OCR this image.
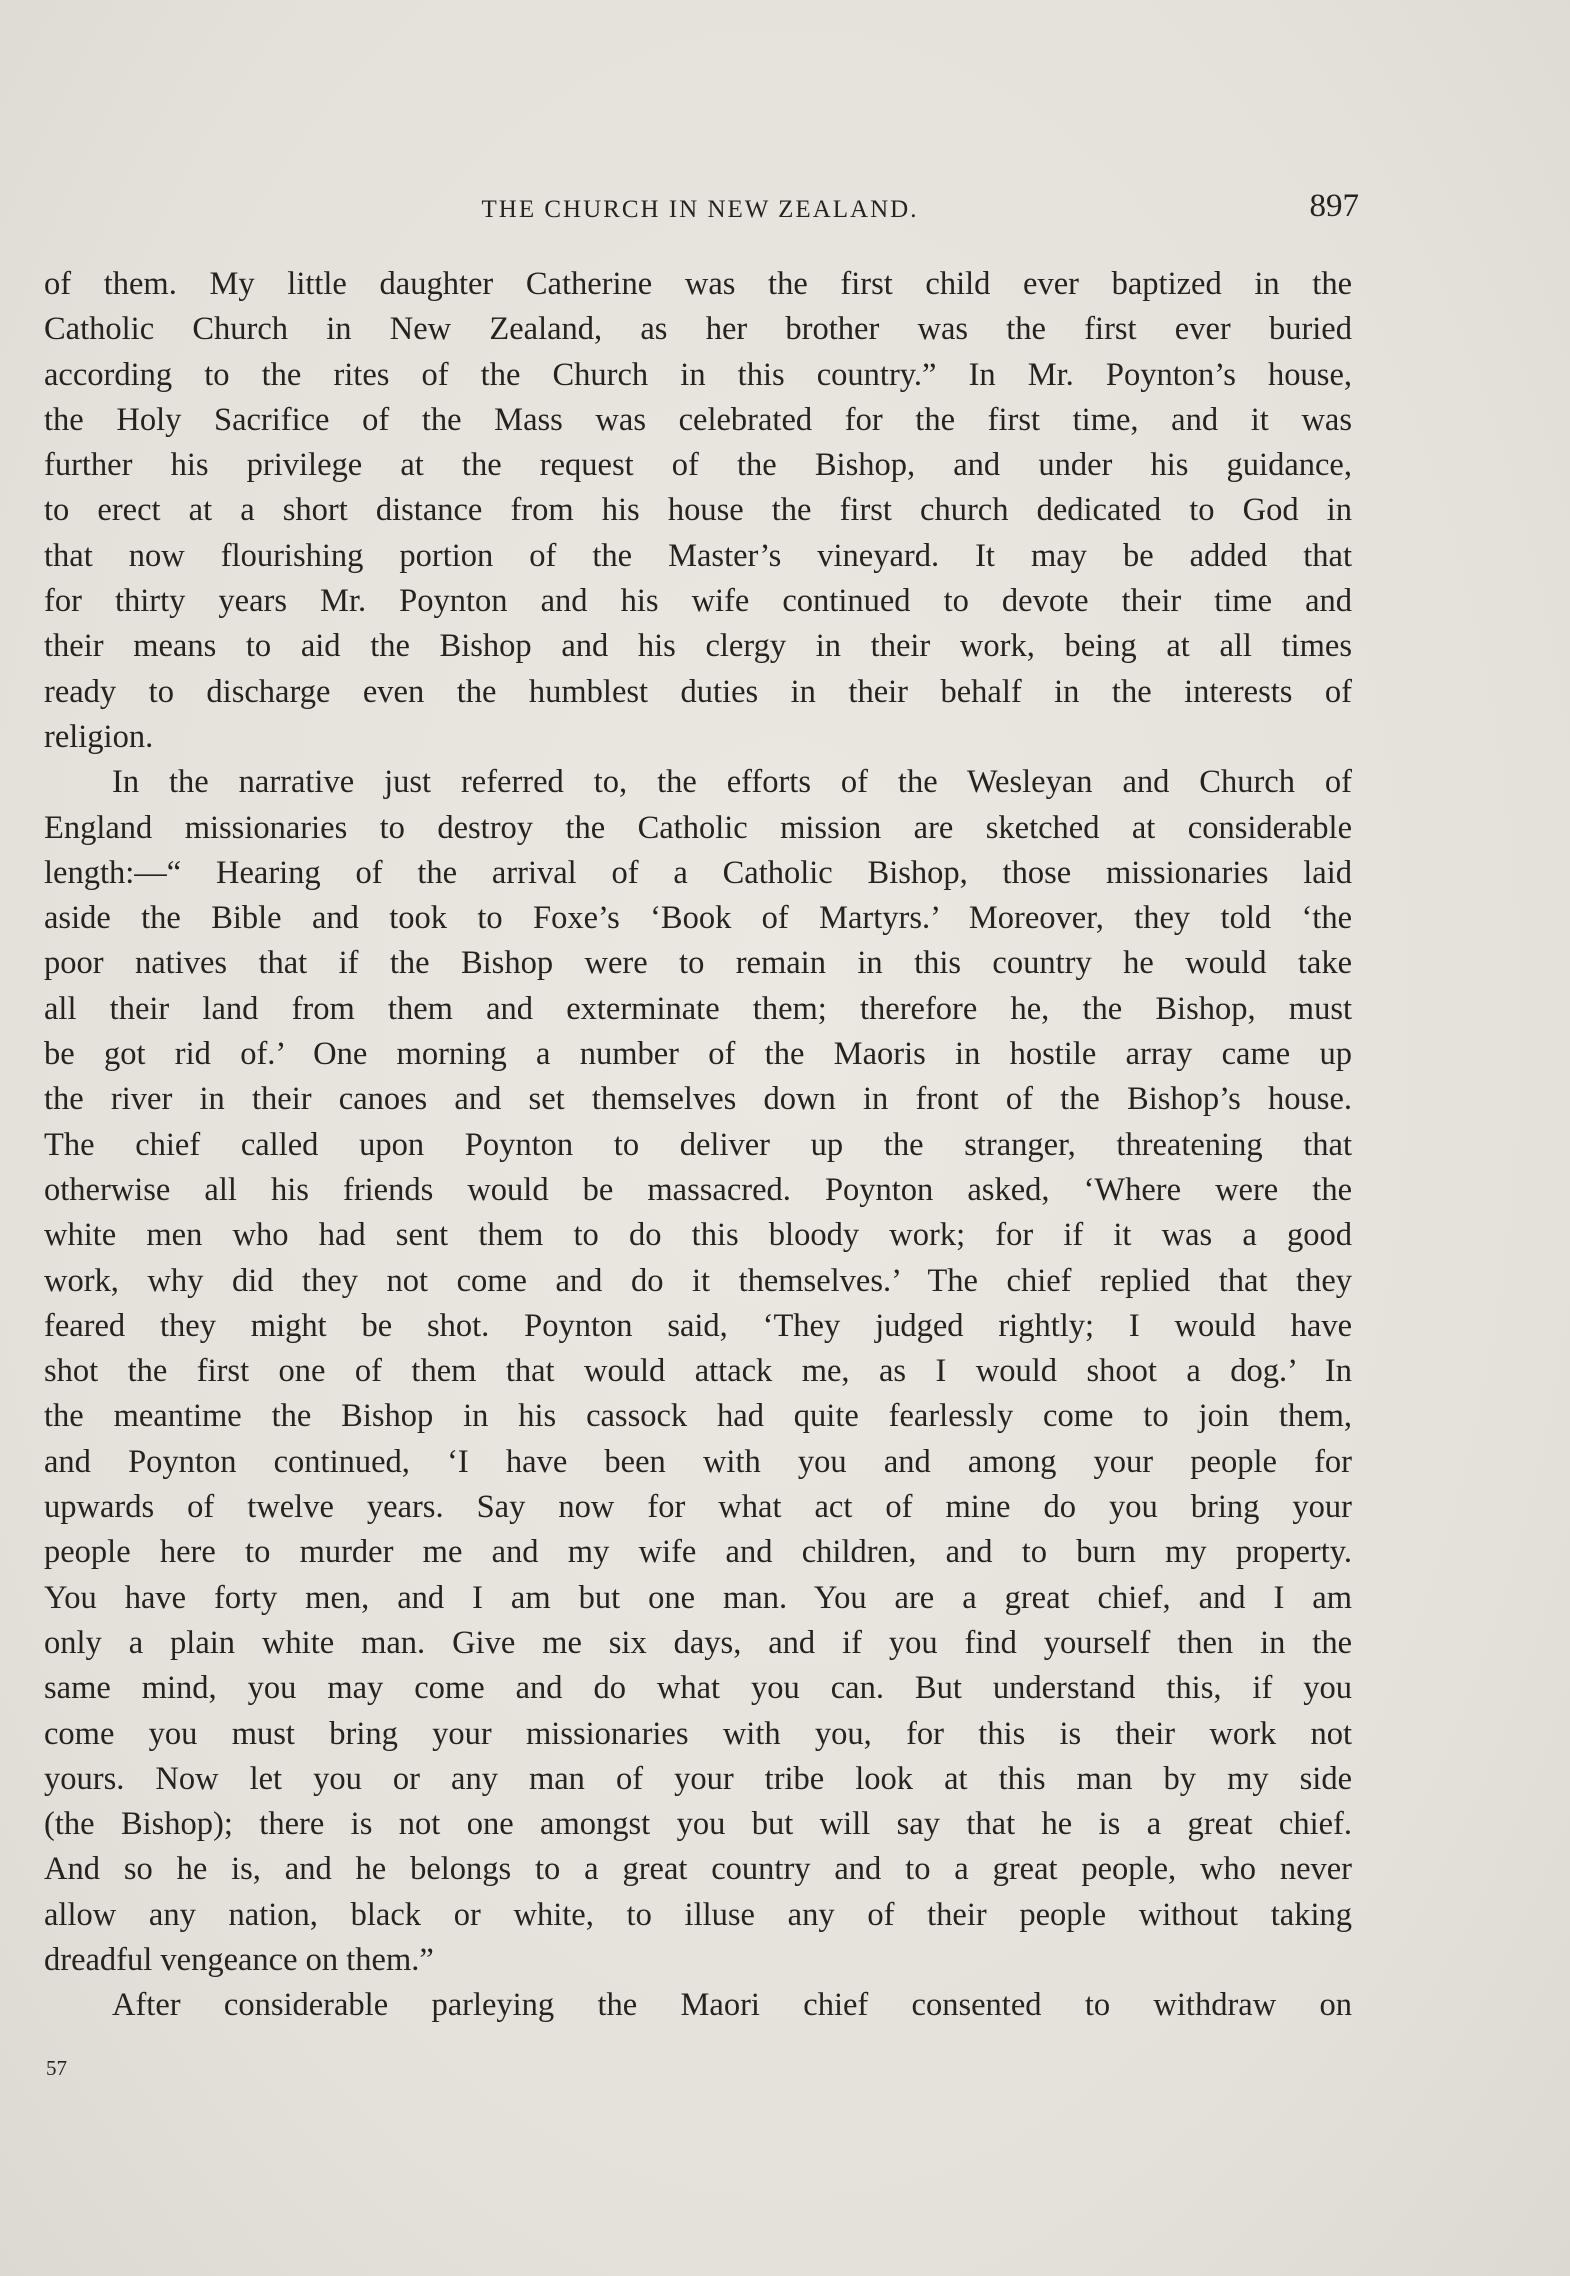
THE CHURCH IN NEW ZEALAND.	897
of them. My little daughter Catherine was the first child ever baptized in the
Catholic Church in New Zealand, as her brother was the first ever buried
according to the rites of the Church in this country.” In Mr. Poynton’s house,
the Holy Sacrifice of the Mass was celebrated for the first time, and it was
further his privilege at the request of the Bishop, and under his guidance,
to erect at a short distance from his house the first church dedicated to God in
that now flourishing portion of the Master’s vineyard. It may be added that
for thirty years Mr. Poynton and his wife continued to devote their time and
their means to aid the Bishop and his clergy in their work, being at all times
ready to discharge even the humblest duties in their behalf in the interests of
religion.
In the narrative just referred to, the efforts of the Wesleyan and Church of
England missionaries to destroy the Catholic mission are sketched at considerable
length:—“ Hearing of the arrival of a Catholic Bishop, those missionaries laid
aside the Bible and took to Foxe’s ‘Book of Martyrs.’ Moreover, they told ‘the
poor natives that if the Bishop were to remain in this country he would take
all their land from them and exterminate them; therefore he, the Bishop, must
be got rid of.’ One morning a number of the Maoris in hostile array came up
the river in their canoes and set themselves down in front of the Bishop’s house.
The chief called upon Poynton to deliver up the stranger, threatening that
otherwise all his friends would be massacred. Poynton asked, ‘Where were the
white men who had sent them to do this bloody work; for if it was a good
work, why did they not come and do it themselves.’ The chief replied that they
feared they might be shot. Poynton said, ‘They judged rightly; I would have
shot the first one of them that would attack me, as I would shoot a dog.’ In
the meantime the Bishop in his cassock had quite fearlessly come to join them,
and Poynton continued, ‘I have been with you and among your people for
upwards of twelve years. Say now for what act of mine do you bring your
people here to murder me and my wife and children, and to burn my property.
You have forty men, and I am but one man. You are a great chief, and I am
only a plain white man. Give me six days, and if you find yourself then in the
same mind, you may come and do what you can. But understand this, if you
come you must bring your missionaries with you, for this is their work not
yours. Now let you or any man of your tribe look at this man by my side
(the Bishop); there is not one amongst you but will say that he is a great chief.
And so he is, and he belongs to a great country and to a great people, who never
allow any nation, black or white, to illuse any of their people without taking
dreadful vengeance on them.”
After considerable parleying the Maori chief consented to withdraw on
57
